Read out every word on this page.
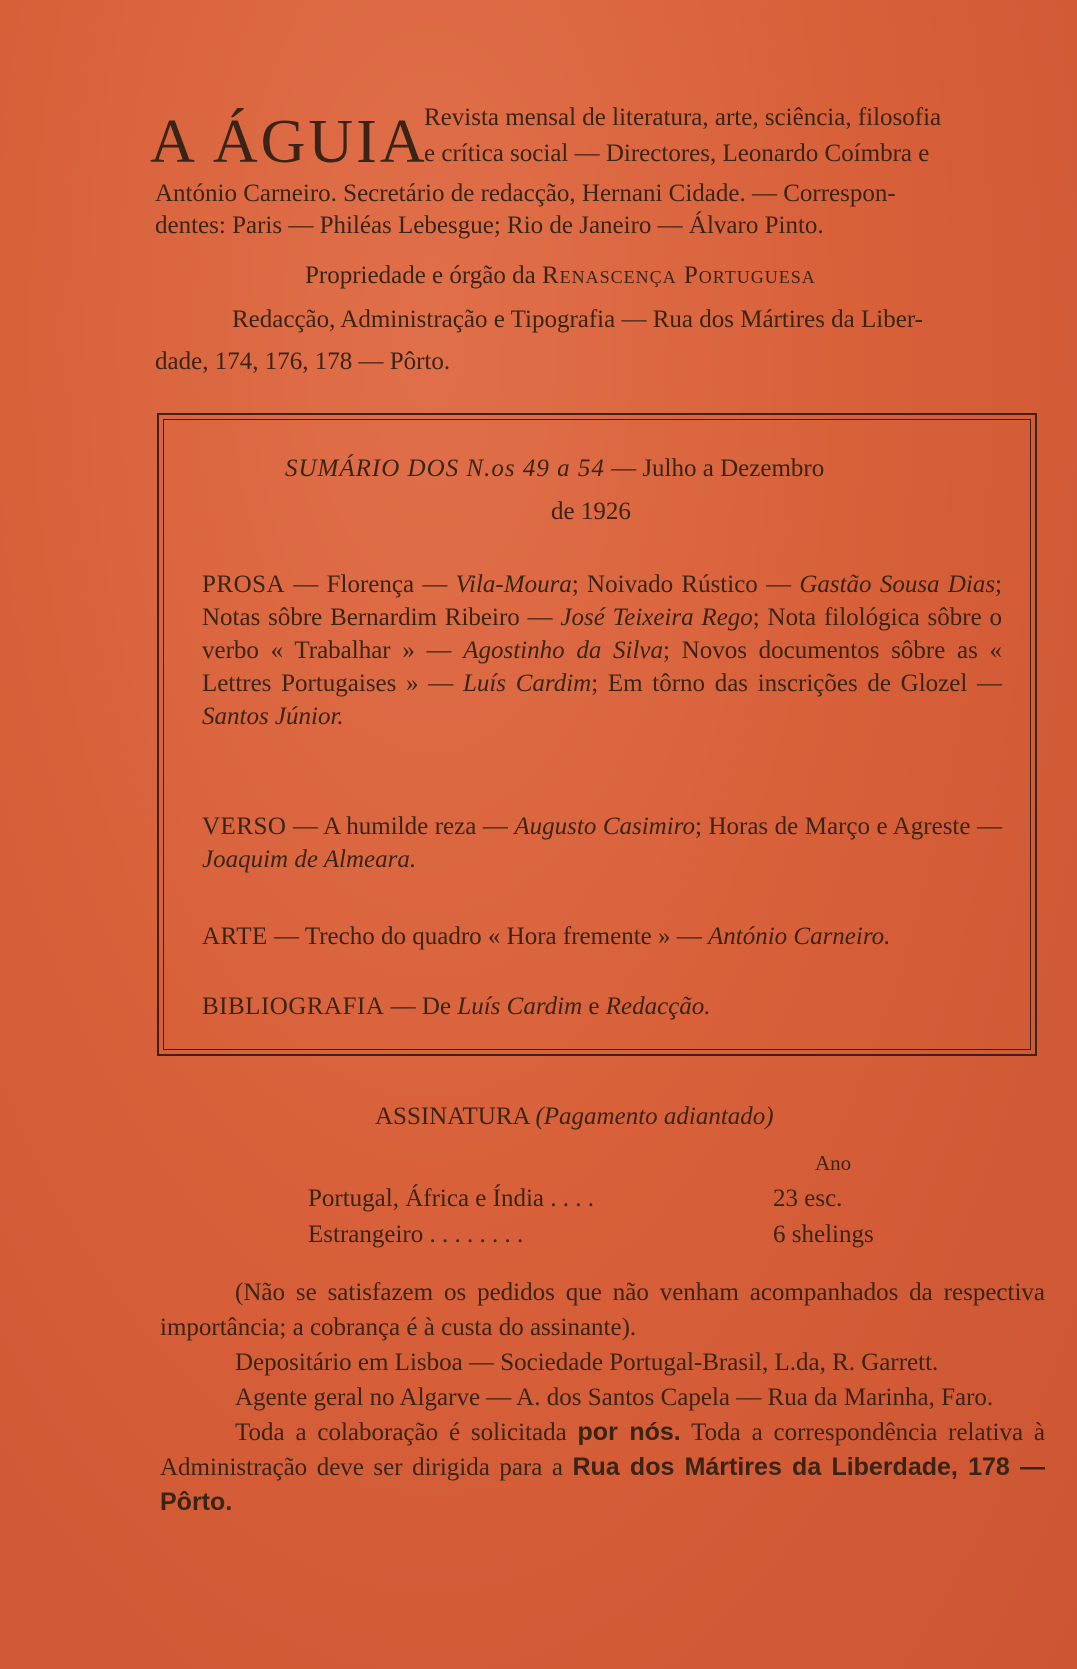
A ÁGUIA
Revista mensal de literatura, arte, sciência, filosofia
e crítica social — Directores, Leonardo Coímbra e
António Carneiro. Secretário de redacção, Hernani Cidade. — Correspon-
dentes: Paris — Philéas Lebesgue; Rio de Janeiro — Álvaro Pinto.
Propriedade e órgão da Renascença Portuguesa
Redacção, Administração e Tipografia — Rua dos Mártires da Liber-
dade, 174, 176, 178 — Pôrto.
SUMÁRIO DOS N.os 49 a 54 — Julho a Dezembro
de 1926
PROSA — Florença — Vila-Moura; Noivado Rústico — Gastão Sousa Dias; Notas sôbre Bernardim Ribeiro — José Teixeira Rego; Nota filológica sôbre o verbo « Trabalhar » — Agostinho da Silva; Novos documentos sôbre as « Lettres Portugaises » — Luís Cardim; Em tôrno das inscrições de Glozel — Santos Júnior.
VERSO — A humilde reza — Augusto Casimiro; Horas de Março e Agreste — Joaquim de Almeara.
ARTE — Trecho do quadro « Hora fremente » — António Carneiro.
BIBLIOGRAFIA — De Luís Cardim e Redacção.
ASSINATURA (Pagamento adiantado)
Ano
Portugal, África e Índia . . . .	23 esc.
Estrangeiro . . . . . . . .	6 shelings

(Não se satisfazem os pedidos que não venham acompanhados da respectiva importância; a cobrança é à custa do assinante).

Depositário em Lisboa — Sociedade Portugal-Brasil, L.da, R. Garrett.

Agente geral no Algarve — A. dos Santos Capela — Rua da Marinha, Faro.

Toda a colaboração é solicitada por nós. Toda a correspondência relativa à Administração deve ser dirigida para a Rua dos Mártires da Liberdade, 178 — Pôrto.
